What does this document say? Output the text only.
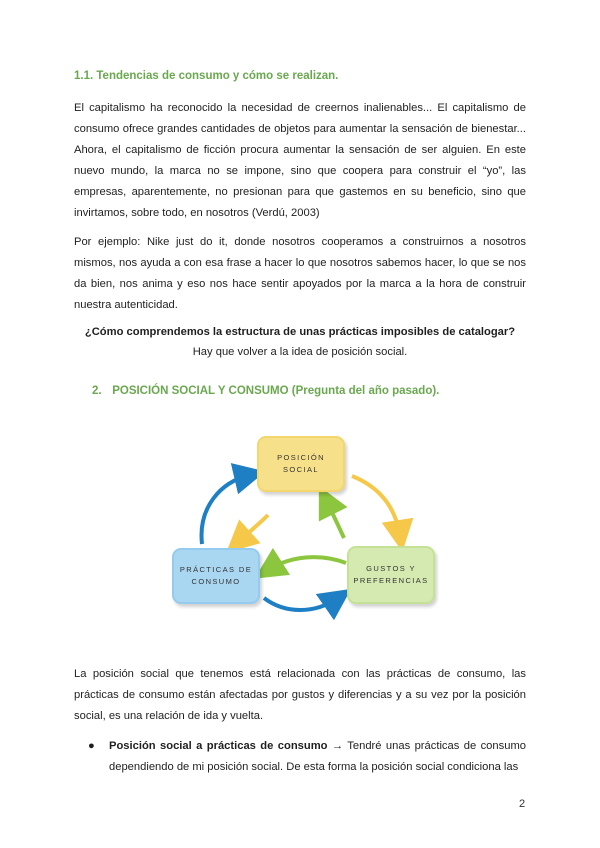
1.1. Tendencias de consumo y cómo se realizan.
El capitalismo ha reconocido la necesidad de creernos inalienables... El capitalismo de consumo ofrece grandes cantidades de objetos para aumentar la sensación de bienestar... Ahora, el capitalismo de ficción procura aumentar la sensación de ser alguien. En este nuevo mundo, la marca no se impone, sino que coopera para construir el “yo”, las empresas, aparentemente, no presionan para que gastemos en su beneficio, sino que invirtamos, sobre todo, en nosotros (Verdú, 2003)
Por ejemplo: Nike just do it, donde nosotros cooperamos a construirnos a nosotros mismos, nos ayuda a con esa frase a hacer lo que nosotros sabemos hacer, lo que se nos da bien, nos anima y eso nos hace sentir apoyados por la marca a la hora de construir nuestra autenticidad.
¿Cómo comprendemos la estructura de unas prácticas imposibles de catalogar?
Hay que volver a la idea de posición social.
2. POSICIÓN SOCIAL Y CONSUMO (Pregunta del año pasado).
POSICIÓN SOCIAL
PRÁCTICAS DE
CONSUMO
GUSTOS Y
PREFERENCIAS
La posición social que tenemos está relacionada con las prácticas de consumo, las prácticas de consumo están afectadas por gustos y diferencias y a su vez por la posición social, es una relación de ida y vuelta.
● Posición social a prácticas de consumo → Tendré unas prácticas de consumo dependiendo de mi posición social. De esta forma la posición social condiciona las
2
